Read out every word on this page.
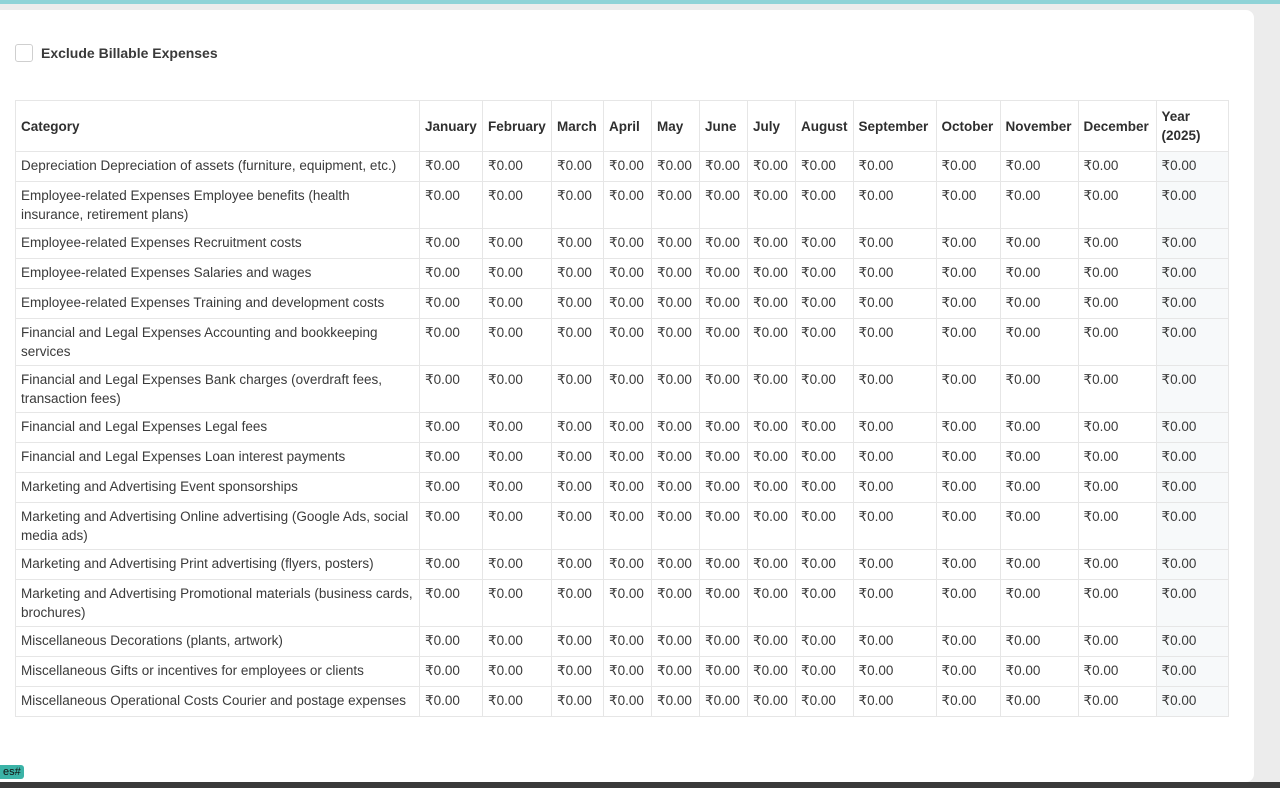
Exclude Billable Expenses
Category	January	February	March	April	May	June	July	August	September	October	November	December	Year (2025)
Depreciation Depreciation of assets (furniture, equipment, etc.)	₹0.00	₹0.00	₹0.00	₹0.00	₹0.00	₹0.00	₹0.00	₹0.00	₹0.00	₹0.00	₹0.00	₹0.00	₹0.00
Employee-related Expenses Employee benefits (health insurance, retirement plans)	₹0.00	₹0.00	₹0.00	₹0.00	₹0.00	₹0.00	₹0.00	₹0.00	₹0.00	₹0.00	₹0.00	₹0.00	₹0.00
Employee-related Expenses Recruitment costs	₹0.00	₹0.00	₹0.00	₹0.00	₹0.00	₹0.00	₹0.00	₹0.00	₹0.00	₹0.00	₹0.00	₹0.00	₹0.00
Employee-related Expenses Salaries and wages	₹0.00	₹0.00	₹0.00	₹0.00	₹0.00	₹0.00	₹0.00	₹0.00	₹0.00	₹0.00	₹0.00	₹0.00	₹0.00
Employee-related Expenses Training and development costs	₹0.00	₹0.00	₹0.00	₹0.00	₹0.00	₹0.00	₹0.00	₹0.00	₹0.00	₹0.00	₹0.00	₹0.00	₹0.00
Financial and Legal Expenses Accounting and bookkeeping services	₹0.00	₹0.00	₹0.00	₹0.00	₹0.00	₹0.00	₹0.00	₹0.00	₹0.00	₹0.00	₹0.00	₹0.00	₹0.00
Financial and Legal Expenses Bank charges (overdraft fees, transaction fees)	₹0.00	₹0.00	₹0.00	₹0.00	₹0.00	₹0.00	₹0.00	₹0.00	₹0.00	₹0.00	₹0.00	₹0.00	₹0.00
Financial and Legal Expenses Legal fees	₹0.00	₹0.00	₹0.00	₹0.00	₹0.00	₹0.00	₹0.00	₹0.00	₹0.00	₹0.00	₹0.00	₹0.00	₹0.00
Financial and Legal Expenses Loan interest payments	₹0.00	₹0.00	₹0.00	₹0.00	₹0.00	₹0.00	₹0.00	₹0.00	₹0.00	₹0.00	₹0.00	₹0.00	₹0.00
Marketing and Advertising Event sponsorships	₹0.00	₹0.00	₹0.00	₹0.00	₹0.00	₹0.00	₹0.00	₹0.00	₹0.00	₹0.00	₹0.00	₹0.00	₹0.00
Marketing and Advertising Online advertising (Google Ads, social media ads)	₹0.00	₹0.00	₹0.00	₹0.00	₹0.00	₹0.00	₹0.00	₹0.00	₹0.00	₹0.00	₹0.00	₹0.00	₹0.00
Marketing and Advertising Print advertising (flyers, posters)	₹0.00	₹0.00	₹0.00	₹0.00	₹0.00	₹0.00	₹0.00	₹0.00	₹0.00	₹0.00	₹0.00	₹0.00	₹0.00
Marketing and Advertising Promotional materials (business cards, brochures)	₹0.00	₹0.00	₹0.00	₹0.00	₹0.00	₹0.00	₹0.00	₹0.00	₹0.00	₹0.00	₹0.00	₹0.00	₹0.00
Miscellaneous Decorations (plants, artwork)	₹0.00	₹0.00	₹0.00	₹0.00	₹0.00	₹0.00	₹0.00	₹0.00	₹0.00	₹0.00	₹0.00	₹0.00	₹0.00
Miscellaneous Gifts or incentives for employees or clients	₹0.00	₹0.00	₹0.00	₹0.00	₹0.00	₹0.00	₹0.00	₹0.00	₹0.00	₹0.00	₹0.00	₹0.00	₹0.00
Miscellaneous Operational Costs Courier and postage expenses	₹0.00	₹0.00	₹0.00	₹0.00	₹0.00	₹0.00	₹0.00	₹0.00	₹0.00	₹0.00	₹0.00	₹0.00	₹0.00
es#
